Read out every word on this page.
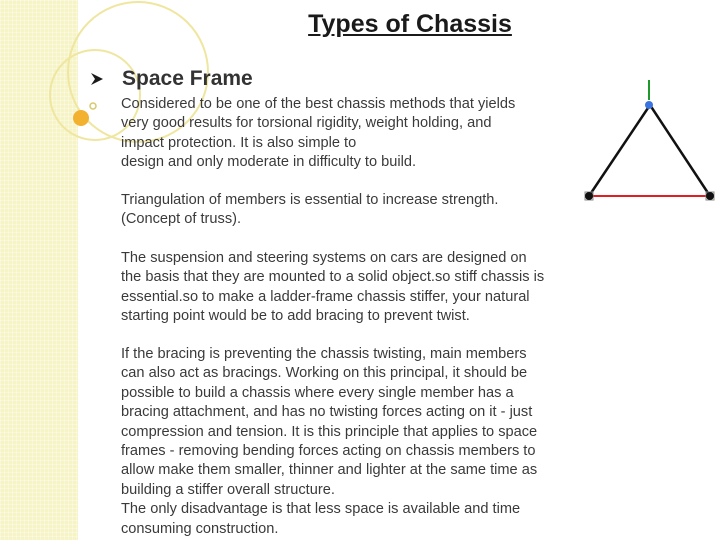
Types of Chassis
Space Frame

Considered to be one of the best chassis methods that yields
very good results for torsional rigidity, weight holding, and
impact protection. It is also simple to
design and only moderate in difficulty to build.

Triangulation of members is essential to increase strength.
(Concept of truss).

The suspension and steering systems on cars are designed on
the basis that they are mounted to a solid object.so stiff chassis is
essential.so to make a ladder-frame chassis stiffer, your natural
starting point would be to add bracing to prevent twist.

If the bracing is preventing the chassis twisting, main members
can also act as bracings. Working on this principal, it should be
possible to build a chassis where every single member has a
bracing attachment, and has no twisting forces acting on it - just
compression and tension. It is this principle that applies to space
frames - removing bending forces acting on chassis members to
allow make them smaller, thinner and lighter at the same time as
building a stiffer overall structure.
The only disadvantage is that less space is available and time
consuming construction.
